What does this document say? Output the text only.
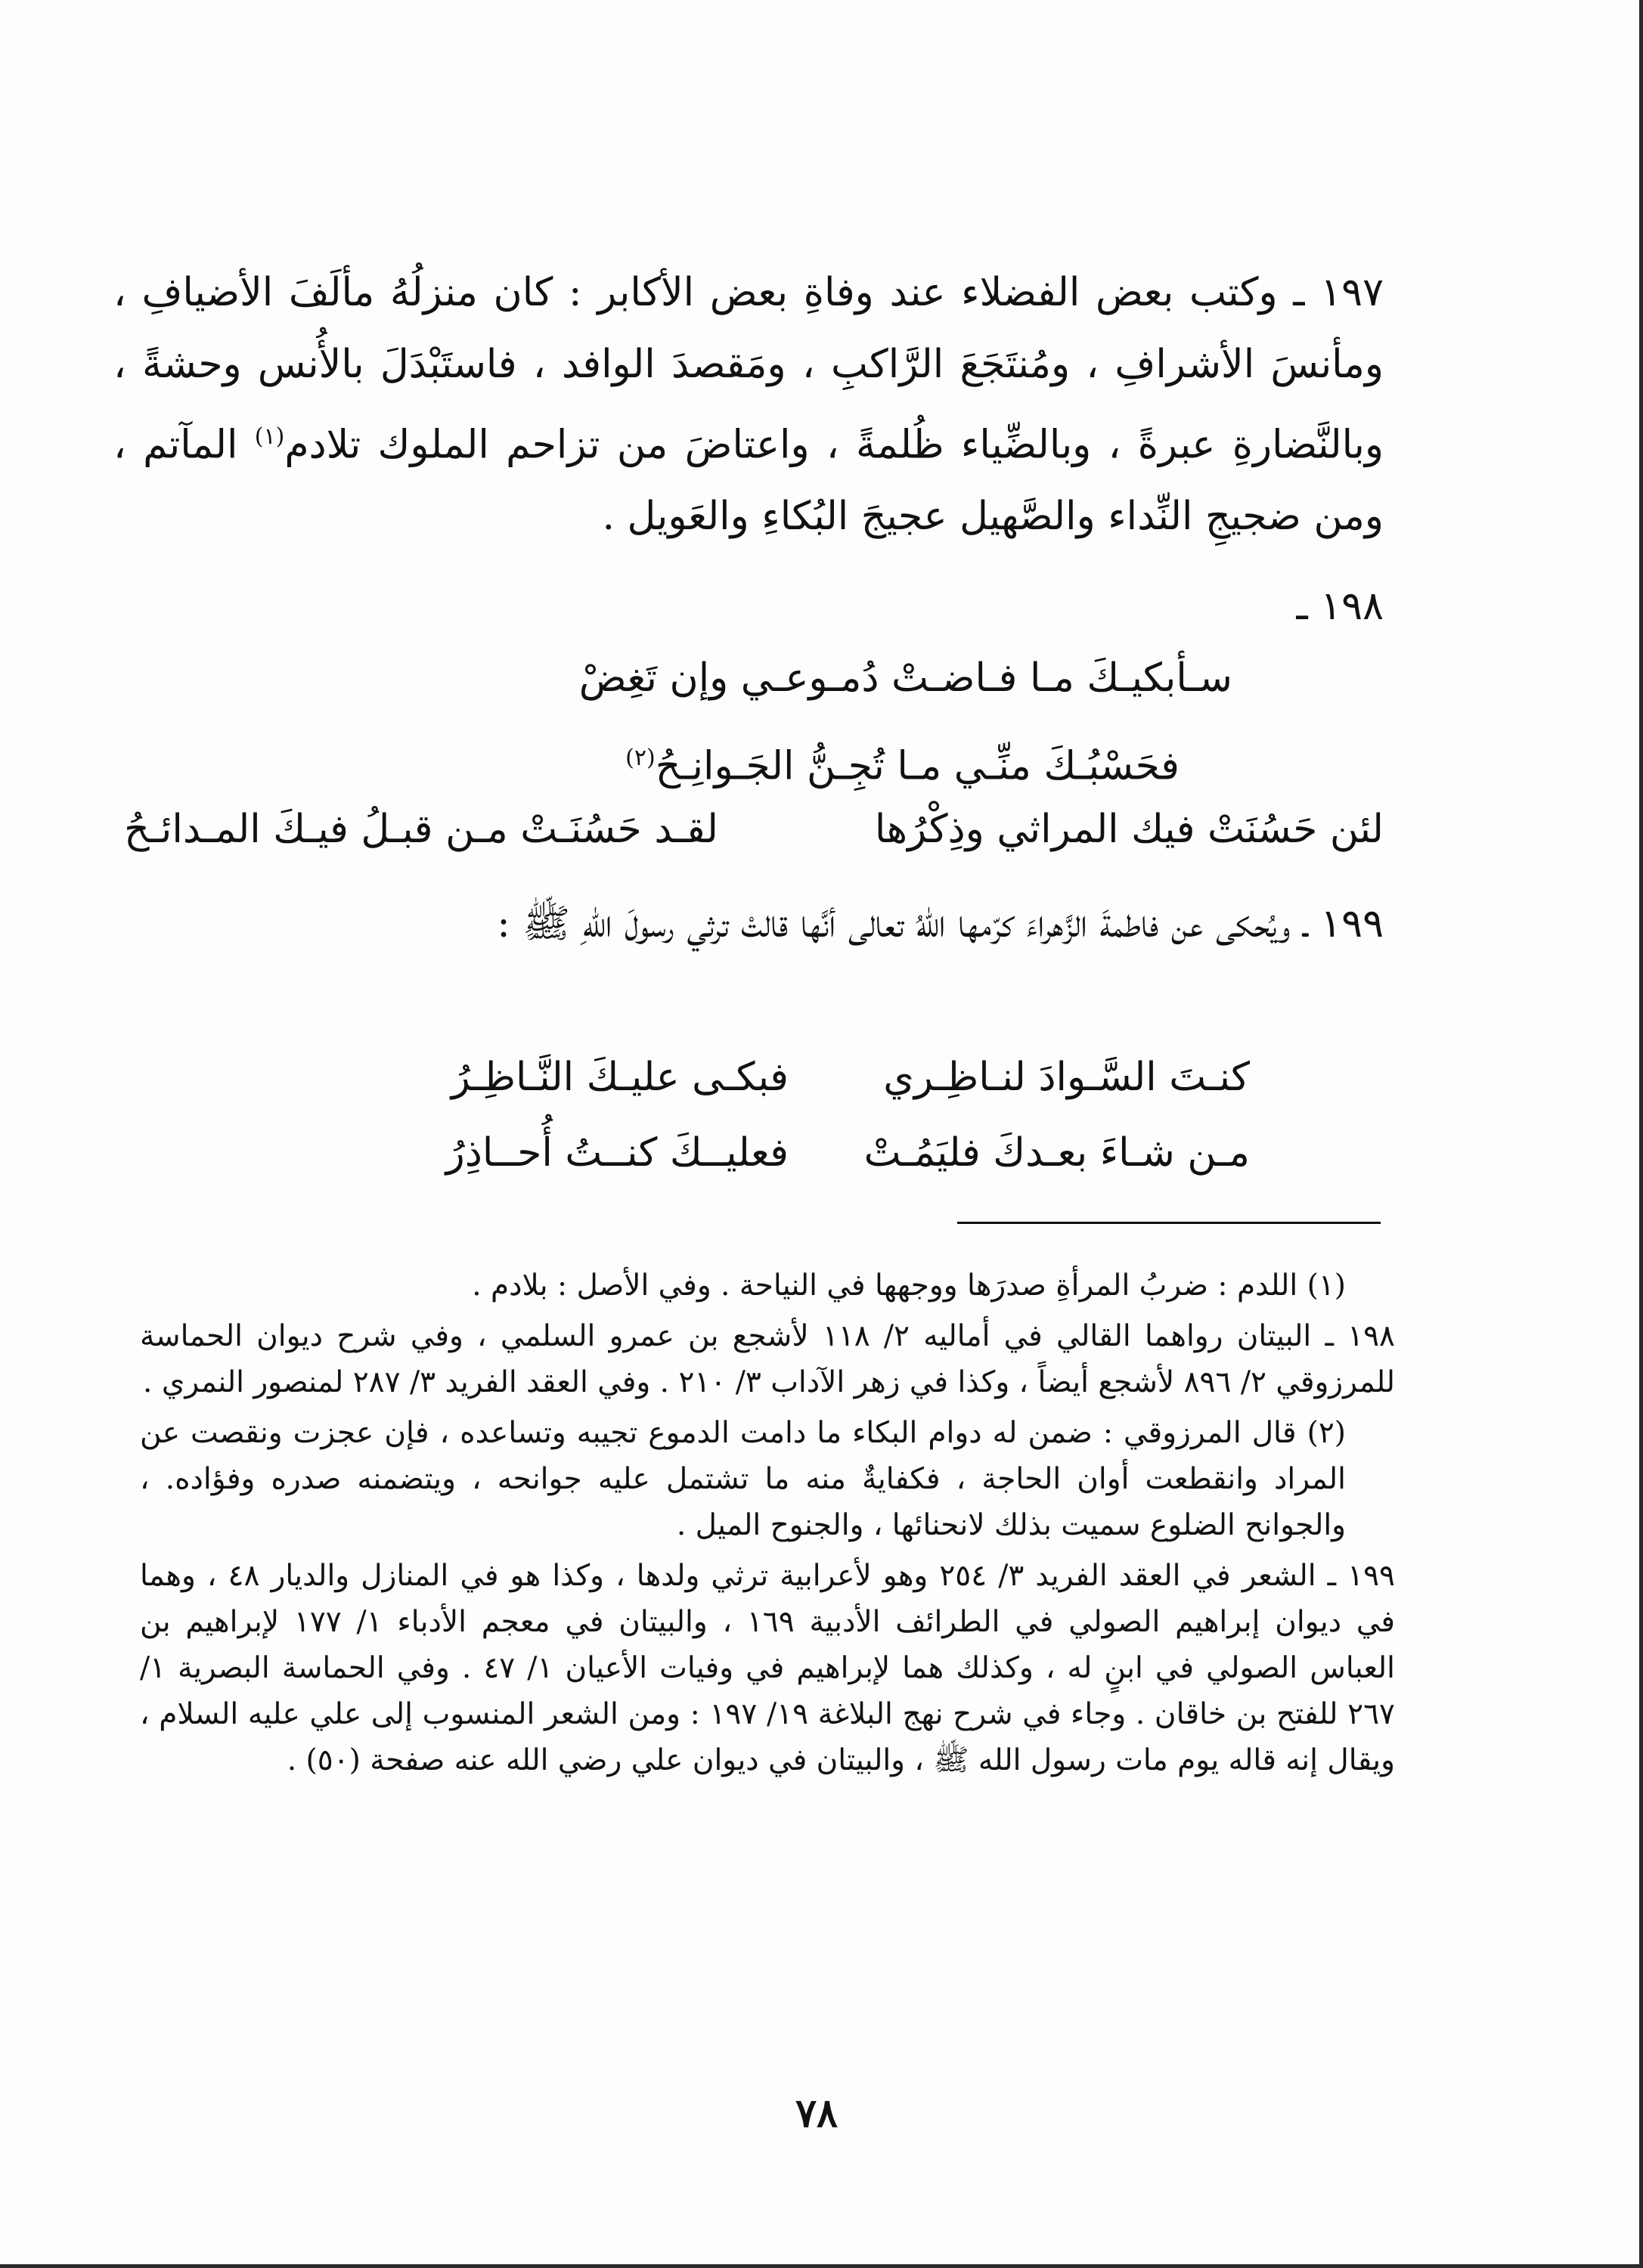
١٩٧ ـ وكتب بعض الفضلاء عند وفاةِ بعض الأكابر : كان منزلُهُ مألَفَ الأضيافِ ، ومأنسَ الأشرافِ ، ومُنتَجَعَ الرَّاكبِ ، ومَقصدَ الوافد ، فاستَبْدَلَ بالأُنس وحشةً ، وبالنَّضارةِ عبرةً ، وبالضِّياء ظُلمةً ، واعتاضَ من تزاحم الملوك تلادم$^{(١)}$ المآتم ، ومن ضجيجِ النِّداء والصَّهيل عجيجَ البُكاءِ والعَويل .

١٩٨ ـ

سـأبكيـكَ مـا فـاضـتْ دُمـوعـي وإن تَغِضْ

فحَسْبُـكَ منِّـي مـا تُجِـنُّ الجَـوانِـحُ$^{(٢)}$

لئن حَسُنَتْ فيك المراثي وذِكْرُهالقـد حَسُنَـتْ مـن قبـلُ فيـكَ المـدائـحُ

١٩٩ ـ ويُحكى عن فاطمةَ الزَّهراءَ كرّمها اللهُ تعالى أنَّها قالتْ ترثي رسولَ اللهِ ﷺ :

كنـتَ السَّـوادَ لنـاظِـريفبكـى عليـكَ النَّـاظِـرُ
مـن شـاءَ بعـدكَ فليَمُـتْفعليــكَ كنــتُ أُحــاذِرُ

(١) اللدم : ضربُ المرأةِ صدرَها ووجهها في النياحة . وفي الأصل : بلادم .

١٩٨ ـ البيتان رواهما القالي في أماليه ٢/ ١١٨ لأشجع بن عمرو السلمي ، وفي شرح ديوان الحماسة للمرزوقي ٢/ ٨٩٦ لأشجع أيضاً ، وكذا في زهر الآداب ٣/ ٢١٠ . وفي العقد الفريد ٣/ ٢٨٧ لمنصور النمري .

(٢) قال المرزوقي : ضمن له دوام البكاء ما دامت الدموع تجيبه وتساعده ، فإن عجزت ونقصت عن المراد وانقطعت أوان الحاجة ، فكفايةٌ منه ما تشتمل عليه جوانحه ، ويتضمنه صدره وفؤاده. ، والجوانح الضلوع سميت بذلك لانحنائها ، والجنوح الميل .

١٩٩ ـ الشعر في العقد الفريد ٣/ ٢٥٤ وهو لأعرابية ترثي ولدها ، وكذا هو في المنازل والديار ٤٨ ، وهما في ديوان إبراهيم الصولي في الطرائف الأدبية ١٦٩ ، والبيتان في معجم الأدباء ١/ ١٧٧ لإبراهيم بن العباس الصولي في ابنٍ له ، وكذلك هما لإبراهيم في وفيات الأعيان ١/ ٤٧ . وفي الحماسة البصرية ١/ ٢٦٧ للفتح بن خاقان . وجاء في شرح نهج البلاغة ١٩/ ١٩٧ : ومن الشعر المنسوب إلى علي عليه السلام ، ويقال إنه قاله يوم مات رسول الله ﷺ ، والبيتان في ديوان علي رضي الله عنه صفحة (٥٠) .

٧٨
